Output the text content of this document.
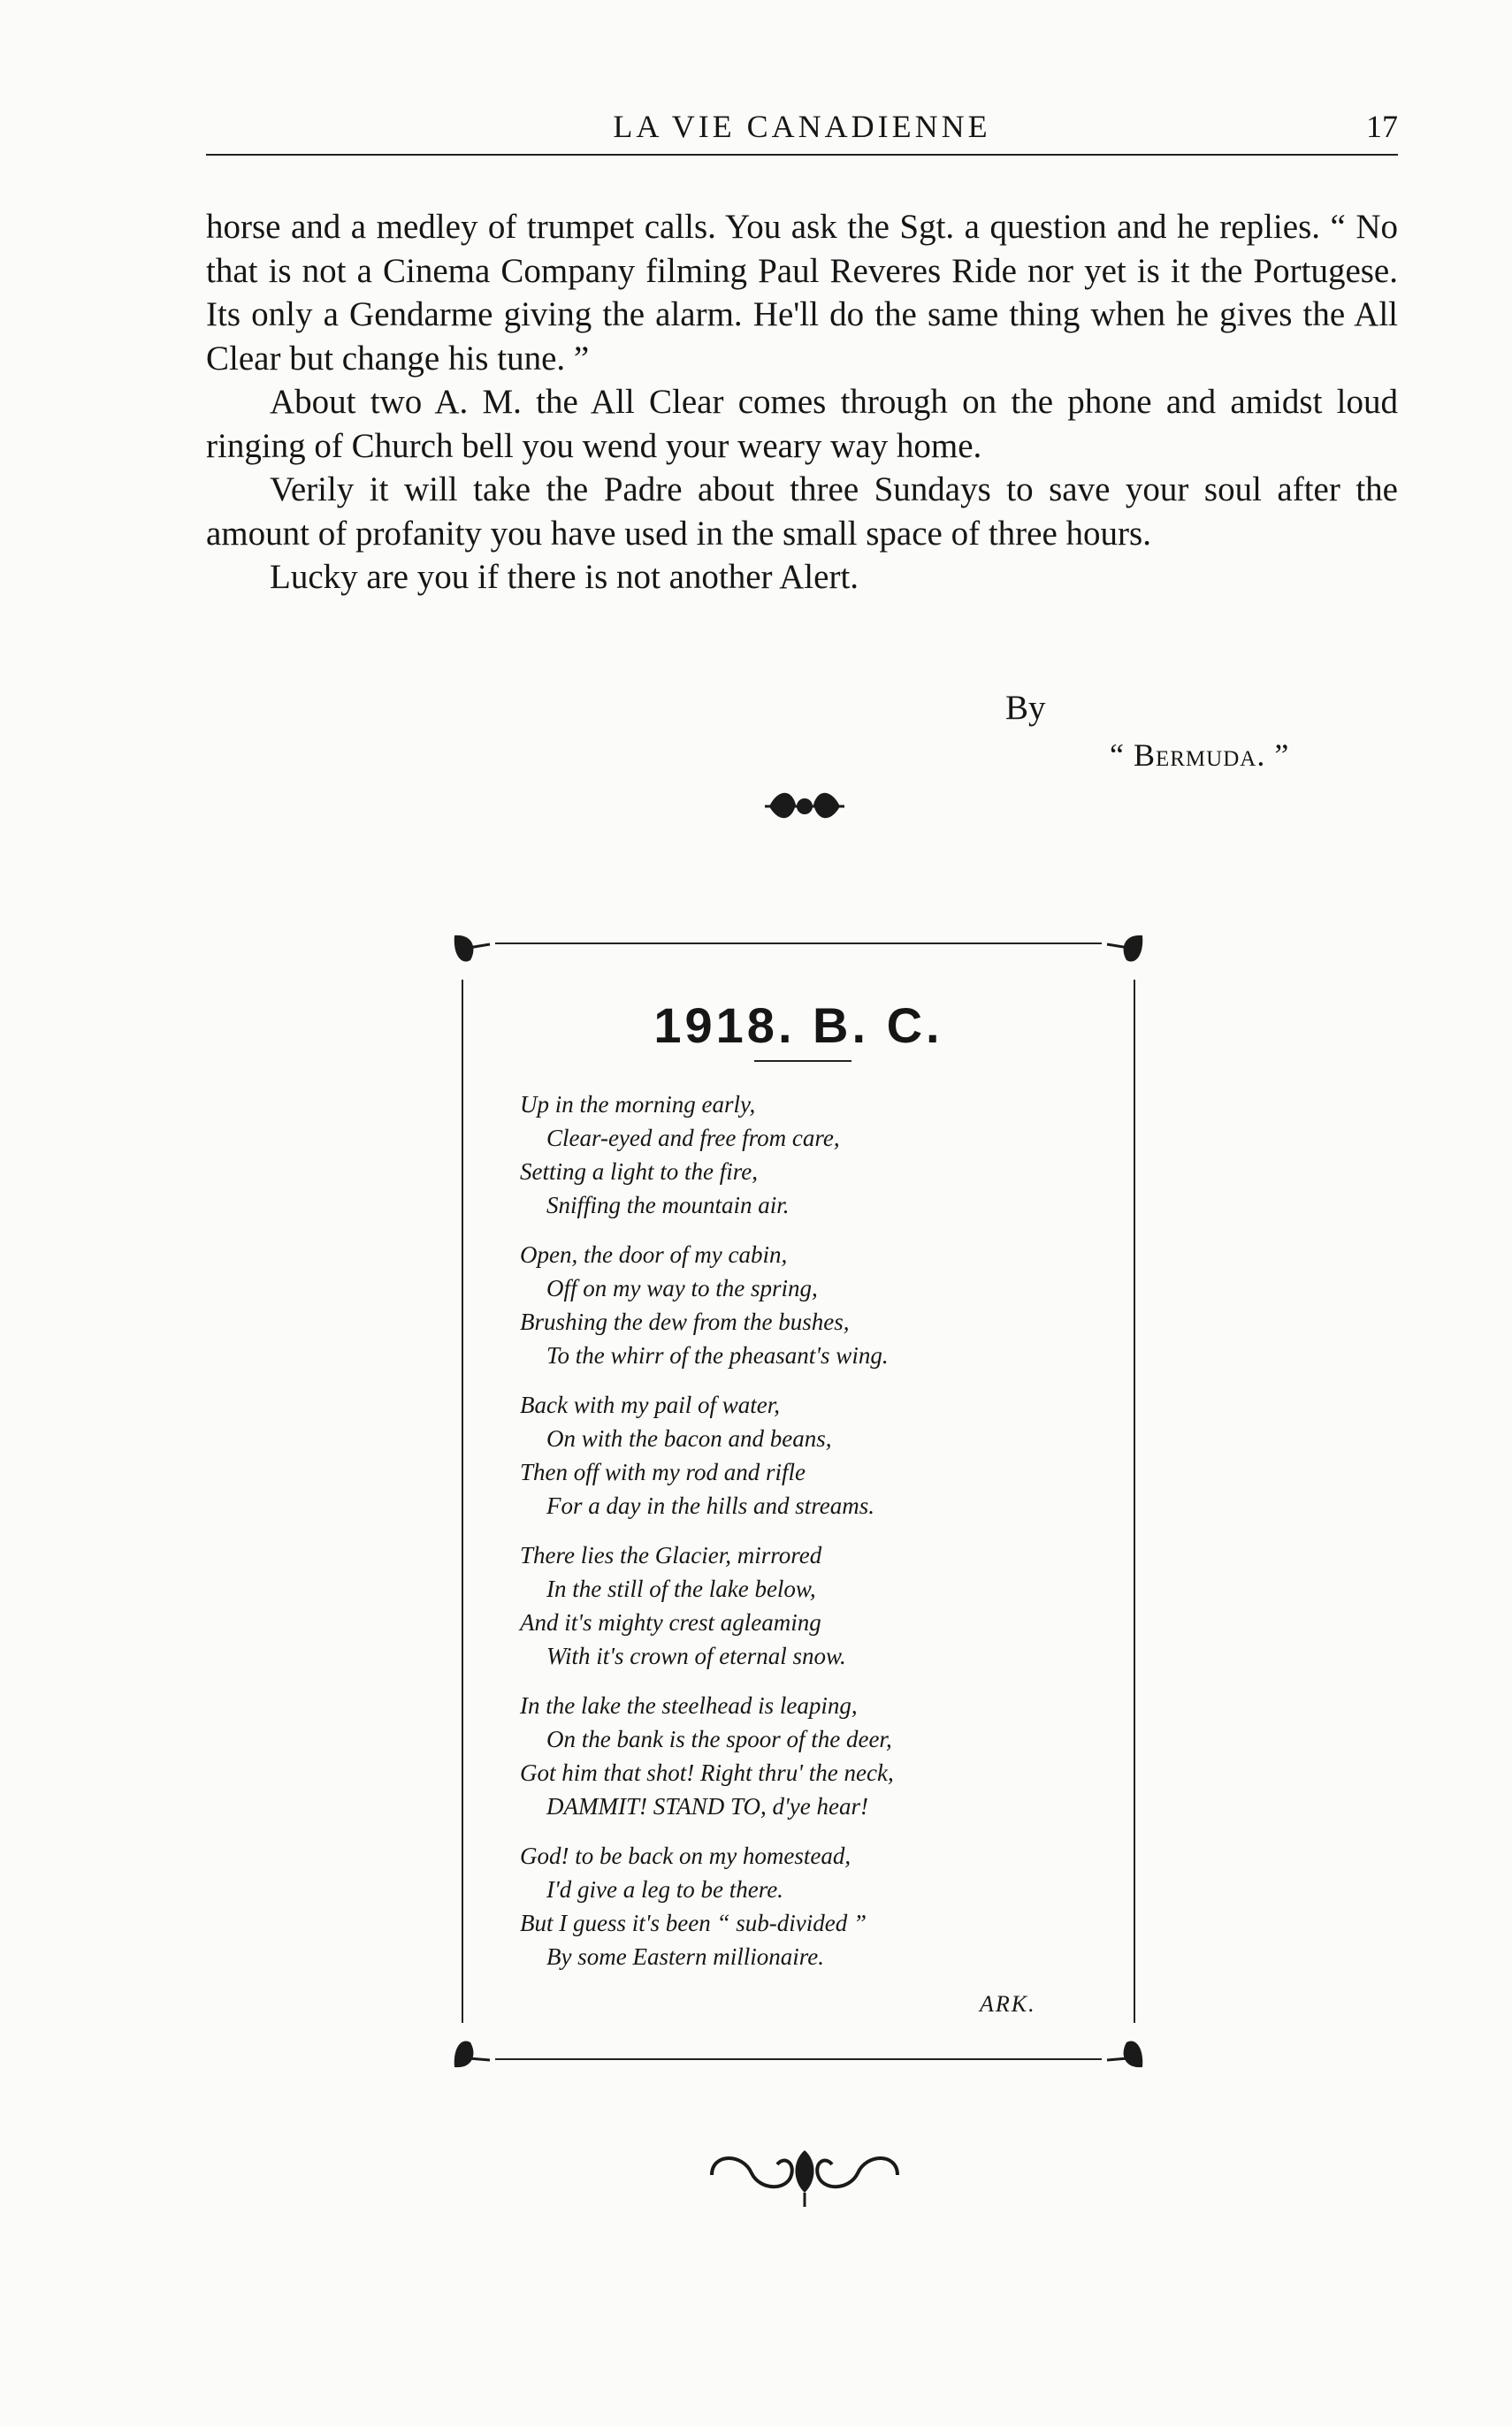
LA VIE CANADIENNE	17

horse and a medley of trumpet calls. You ask the Sgt. a question and he replies. “ No that is not a Cinema Company filming Paul Reveres Ride nor yet is it the Portugese. Its only a Gendarme giving the alarm. He'll do the same thing when he gives the All Clear but change his tune. ”

About two A. M. the All Clear comes through on the phone and amidst loud ringing of Church bell you wend your weary way home.

Verily it will take the Padre about three Sundays to save your soul after the amount of profanity you have used in the small space of three hours.

Lucky are you if there is not another Alert.

By
“ Bermuda. ”
1918. B. C.
Up in the morning early,
Clear-eyed and free from care,
Setting a light to the fire,
Sniffing the mountain air.
Open, the door of my cabin,
Off on my way to the spring,
Brushing the dew from the bushes,
To the whirr of the pheasant's wing.
Back with my pail of water,
On with the bacon and beans,
Then off with my rod and rifle
For a day in the hills and streams.
There lies the Glacier, mirrored
In the still of the lake below,
And it's mighty crest agleaming
With it's crown of eternal snow.
In the lake the steelhead is leaping,
On the bank is the spoor of the deer,
Got him that shot! Right thru' the neck,
DAMMIT! STAND TO, d'ye hear!
God! to be back on my homestead,
I'd give a leg to be there.
But I guess it's been “ sub-divided ”
By some Eastern millionaire.
ARK.
